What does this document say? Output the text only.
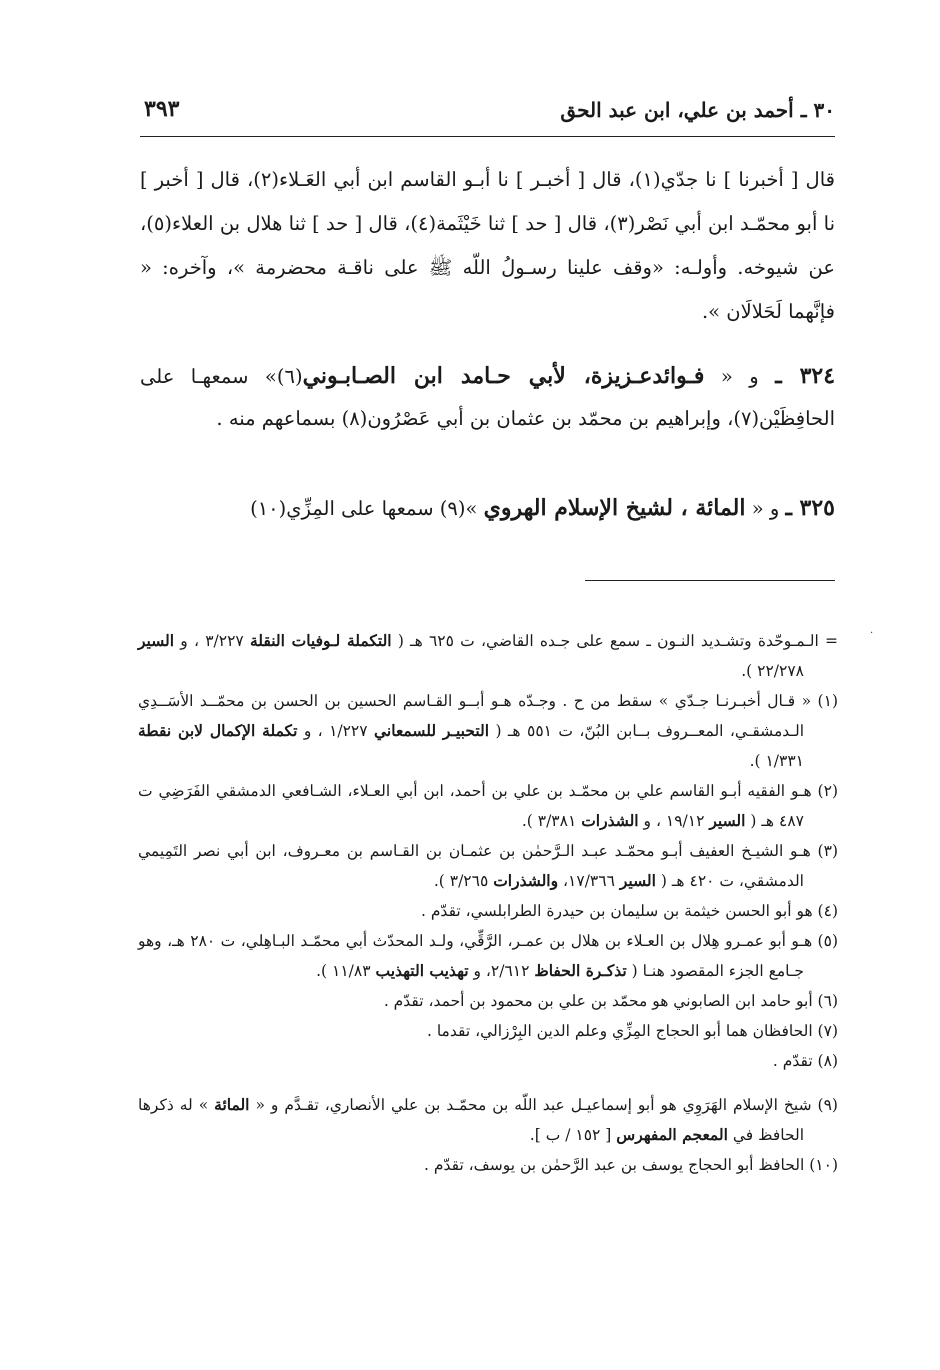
٣٠ ـ أحمد بن علي، ابن عبد الحق
٣٩٣
قال [ أخبرنا ] نا جدّي(١)، قال [ أخبـر ] نا أبـو القاسم ابن أبي العَـلاء(٢)، قال [ أخبر ] نا أبو محمّـد ابن أبي نَصْر(٣)، قال [ حد ] ثنا خَيْثَمة(٤)، قال [ حد ] ثنا هلال بن العلاء(٥)، عن شيوخه. وأولـه: «وقف علينا رسـولُ اللّه ﷺ على ناقـة محضرمة »، وآخره: « فإنَّهما لَحَلالَان ».
٣٢٤ ـ و « فـوائدعـزيزة، لأبي حـامد ابن الصـابـوني(٦)» سمعهـا على الحافِظَيْن(٧)، وإبراهيم بن محمّد بن عثمان بن أبي عَصْرُون(٨) بسماعهم منه .
٣٢٥ ـ و « المائة ، لشيخ الإسلام الهروي »(٩) سمعها على المِزِّي(١٠)
·
= الـمـوحّدة وتشـديد النـون ـ سمع على جـده القاضي، ت ٦٢٥ هـ ( التكملة لـوفيات النقلة ٣/٢٢٧ ، و السير ٢٢/٢٧٨ ).
(١) « قـال أخبـرنـا جـدّي » سقط من ح . وجـدّه هـو أبــو القـاسم الحسين بن الحسن بن محمّــد الأسَــدِي الـدمشقـي، المعــروف بــابن البُنّ، ت ٥٥١ هـ ( التحبيـر للسمعاني ١/٢٢٧ ، و تكملة الإكمال لابن نقطة ١/٣٣١ ).
(٢) هـو الفقيه أبـو القاسم علي بن محمّـد بن علي بن أحمد، ابن أبي العـلاء، الشـافعي الدمشقي الفَرَضِي ت ٤٨٧ هـ ( السير ١٩/١٢ ، و الشذرات ٣/٣٨١ ).
(٣) هـو الشيـخ العفيف أبـو محمّـد عبـد الـرَّحمٰن بن عثمـان بن القـاسم بن معـروف، ابن أبي نصر التَمِيمي الدمشقي، ت ٤٢٠ هـ ( السير ١٧/٣٦٦، والشذرات ٣/٢٦٥ ).
(٤) هو أبو الحسن خيثمة بن سليمان بن حيدرة الطرابلسي، تقدّم .
(٥) هـو أبو عمـرو هِلال بن العـلاء بن هلال بن عمـر، الرَّقِّي، ولـد المحدّث أبي محمّـد البـاهِلي، ت ٢٨٠ هـ، وهو جـامع الجزء المقصود هنـا ( تذكـرة الحفاظ ٢/٦١٢، و تهذيب التهذيب ١١/٨٣ ).
(٦) أبو حامد ابن الصابوني هو محمّد بن علي بن محمود بن أحمد، تقدّم .
(٧) الحافظان هما أبو الحجاج المِزِّي وعلم الدين البِرْزالي، تقدما .
(٨) تقدّم .
(٩) شيخ الإسلام الهَرَوِي هو أبو إسماعيـل عبد اللّه بن محمّـد بن علي الأنصاري، تقـدَّم و « المائة » له ذكرها الحافظ في المعجم المفهرس [ ١٥٢ / ب ].
(١٠) الحافظ أبو الحجاج يوسف بن عبد الرَّحمٰن بن يوسف، تقدّم .
